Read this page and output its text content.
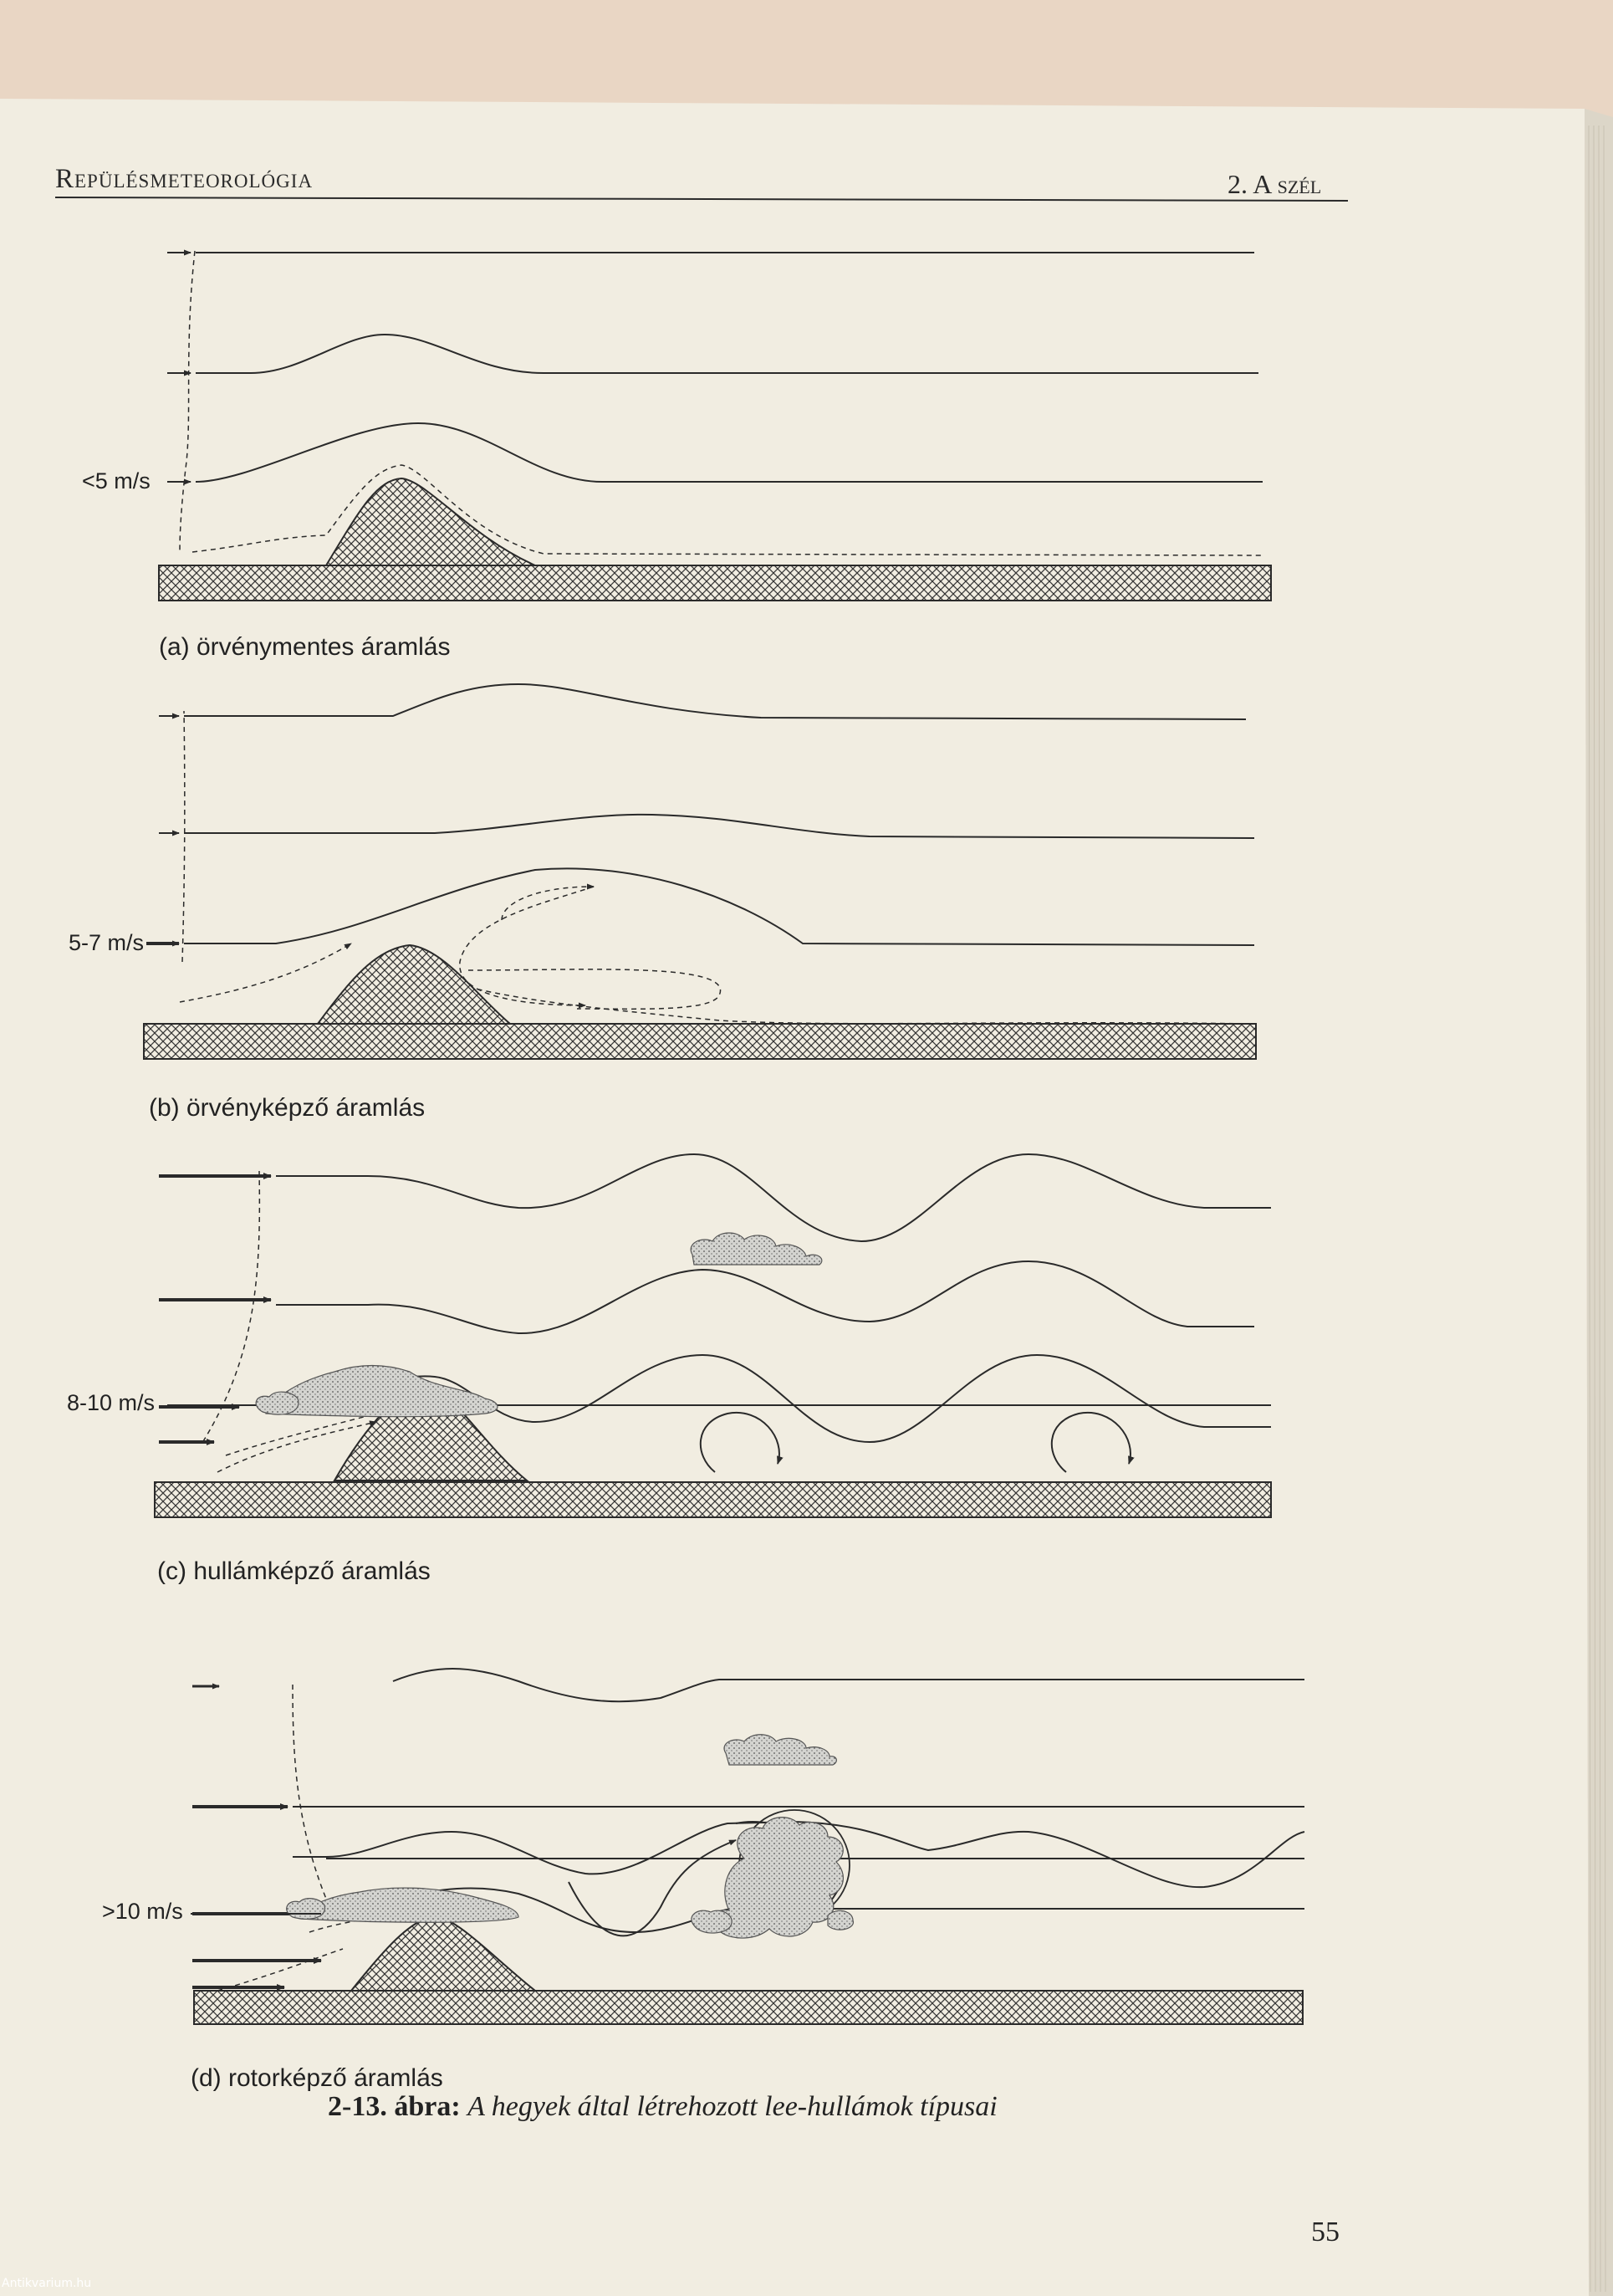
Repülésmeteorológia	2. A szél
<5 m/s
(a) örvénymentes áramlás
5-7 m/s
(b) örvényképző áramlás
8-10 m/s
(c) hullámképző áramlás
>10 m/s
(d) rotorképző áramlás
2-13. ábra: A hegyek által létrehozott lee-hullámok típusai
55
Antikvarium.hu
